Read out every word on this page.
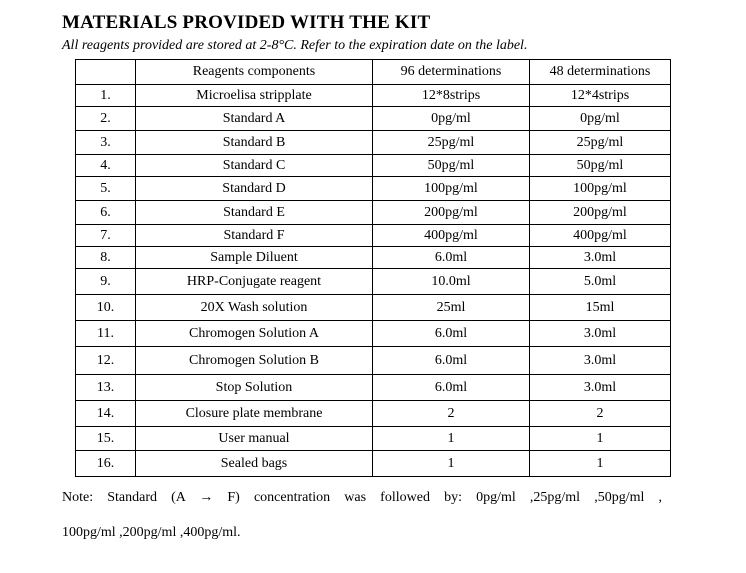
MATERIALS PROVIDED WITH THE KIT
All reagents provided are stored at 2-8°C. Refer to the expiration date on the label.
	Reagents components	96 determinations	48 determinations
1.	Microelisa stripplate	12*8strips	12*4strips
2.	Standard A	0pg/ml	0pg/ml
3.	Standard B	25pg/ml	25pg/ml
4.	Standard C	50pg/ml	50pg/ml
5.	Standard D	100pg/ml	100pg/ml
6.	Standard E	200pg/ml	200pg/ml
7.	Standard F	400pg/ml	400pg/ml
8.	Sample Diluent	6.0ml	3.0ml
9.	HRP-Conjugate reagent	10.0ml	5.0ml
10.	20X Wash solution	25ml	15ml
11.	Chromogen Solution A	6.0ml	3.0ml
12.	Chromogen Solution B	6.0ml	3.0ml
13.	Stop Solution	6.0ml	3.0ml
14.	Closure plate membrane	2	2
15.	User manual	1	1
16.	Sealed bags	1	1
Note: Standard (A → F) concentration was followed by: 0pg/ml ,25pg/ml ,50pg/ml ,
100pg/ml ,200pg/ml ,400pg/ml.
